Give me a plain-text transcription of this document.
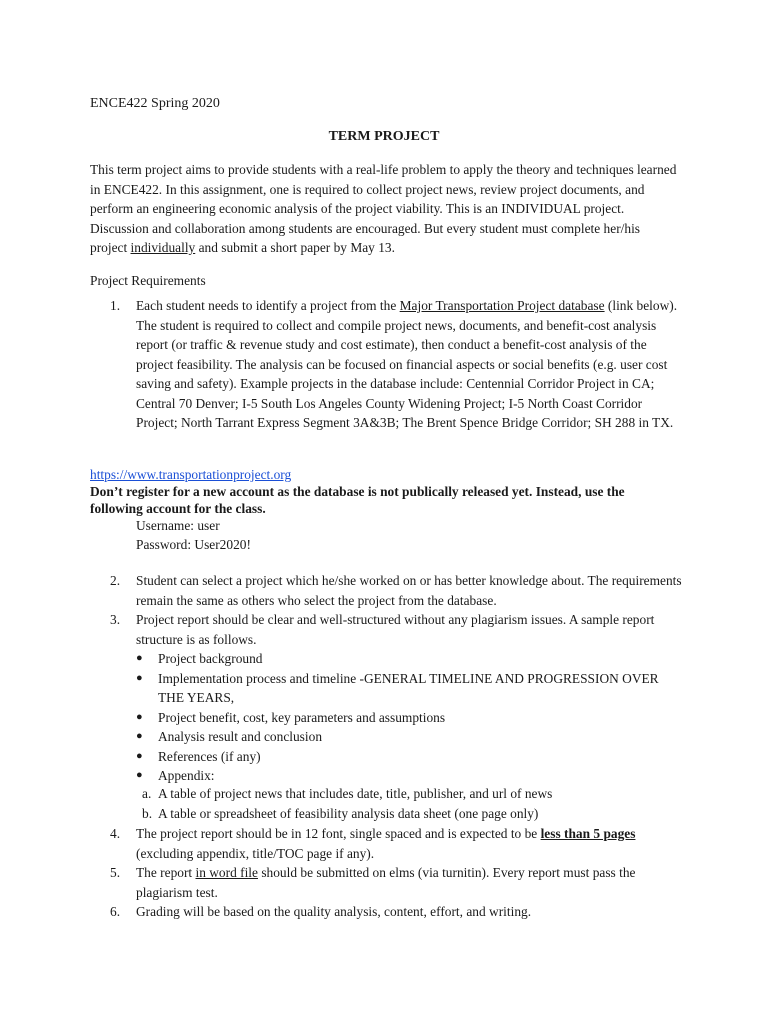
ENCE422 Spring 2020
TERM PROJECT
This term project aims to provide students with a real-life problem to apply the theory and techniques learned in ENCE422. In this assignment, one is required to collect project news, review project documents, and perform an engineering economic analysis of the project viability. This is an INDIVIDUAL project. Discussion and collaboration among students are encouraged. But every student must complete her/his project individually and submit a short paper by May 13.
Project Requirements
1.	Each student needs to identify a project from the Major Transportation Project database (link below). The student is required to collect and compile project news, documents, and benefit-cost analysis report (or traffic & revenue study and cost estimate), then conduct a benefit-cost analysis of the project feasibility. The analysis can be focused on financial aspects or social benefits (e.g. user cost saving and safety). Example projects in the database include: Centennial Corridor Project in CA; Central 70 Denver; I-5 South Los Angeles County Widening Project; I-5 North Coast Corridor Project; North Tarrant Express Segment 3A&3B; The Brent Spence Bridge Corridor; SH 288 in TX.
https://www.transportationproject.org
Don’t register for a new account as the database is not publically released yet. Instead, use the following account for the class.
Username: user
Password: User2020!
2.	Student can select a project which he/she worked on or has better knowledge about. The requirements remain the same as others who select the project from the database.
3.	Project report should be clear and well-structured without any plagiarism issues. A sample report structure is as follows.
● Project background
● Implementation process and timeline -GENERAL TIMELINE AND PROGRESSION OVER THE YEARS,
● Project benefit, cost, key parameters and assumptions
● Analysis result and conclusion
● References (if any)
● Appendix:
a. A table of project news that includes date, title, publisher, and url of news
b. A table or spreadsheet of feasibility analysis data sheet (one page only)
4.	The project report should be in 12 font, single spaced and is expected to be less than 5 pages (excluding appendix, title/TOC page if any).
5.	The report in word file should be submitted on elms (via turnitin). Every report must pass the plagiarism test.
6.	Grading will be based on the quality analysis, content, effort, and writing.
